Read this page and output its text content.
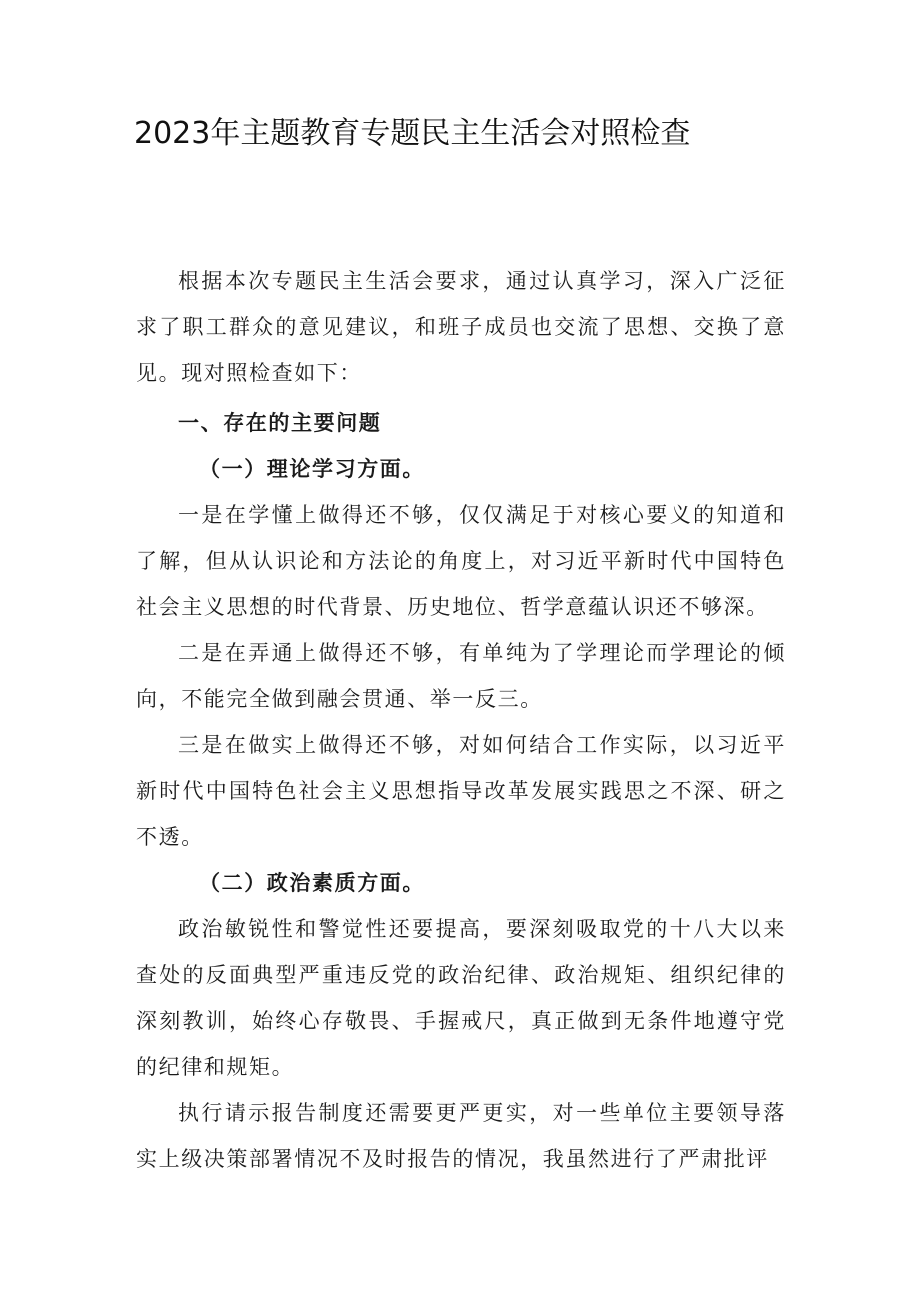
2023年主题教育专题民主生活会对照检查

根据本次专题民主生活会要求，通过认真学习，深入广泛征求了职工群众的意见建议，和班子成员也交流了思想、交换了意见。现对照检查如下：

一、存在的主要问题

（一）理论学习方面。

一是在学懂上做得还不够，仅仅满足于对核心要义的知道和了解，但从认识论和方法论的角度上，对习近平新时代中国特色社会主义思想的时代背景、历史地位、哲学意蕴认识还不够深。

二是在弄通上做得还不够，有单纯为了学理论而学理论的倾向，不能完全做到融会贯通、举一反三。

三是在做实上做得还不够，对如何结合工作实际，以习近平新时代中国特色社会主义思想指导改革发展实践思之不深、研之不透。

（二）政治素质方面。

政治敏锐性和警觉性还要提高，要深刻吸取党的十八大以来查处的反面典型严重违反党的政治纪律、政治规矩、组织纪律的深刻教训，始终心存敬畏、手握戒尺，真正做到无条件地遵守党的纪律和规矩。

执行请示报告制度还需要更严更实，对一些单位主要领导落实上级决策部署情况不及时报告的情况，我虽然进行了严肃批评
